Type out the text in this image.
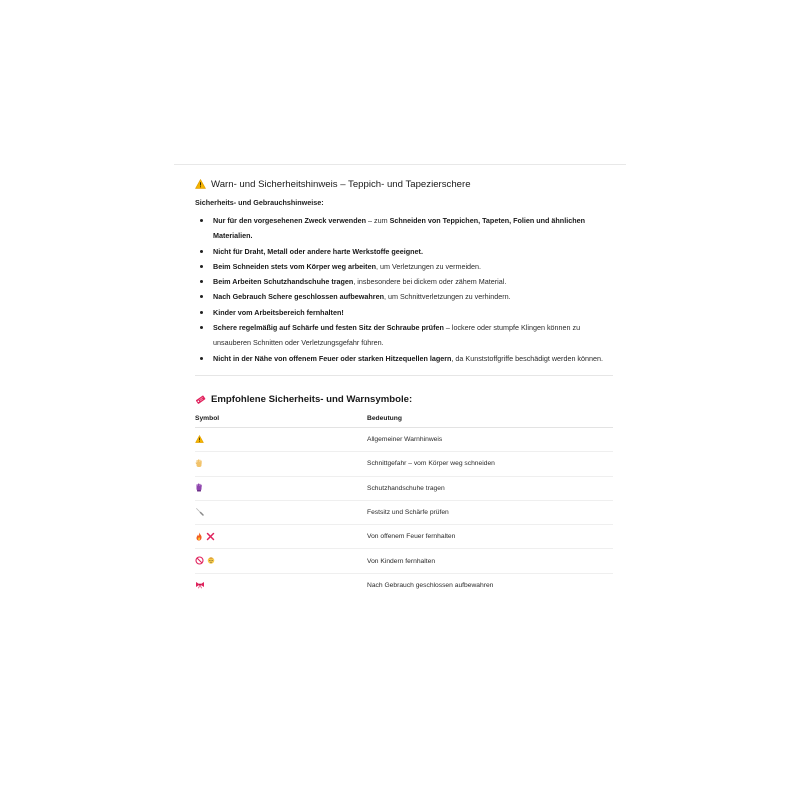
Warn- und Sicherheitshinweis – Teppich- und Tapezierschere
Sicherheits- und Gebrauchshinweise:
Nur für den vorgesehenen Zweck verwenden – zum Schneiden von Teppichen, Tapeten, Folien und ähnlichen Materialien.
Nicht für Draht, Metall oder andere harte Werkstoffe geeignet.
Beim Schneiden stets vom Körper weg arbeiten, um Verletzungen zu vermeiden.
Beim Arbeiten Schutzhandschuhe tragen, insbesondere bei dickem oder zähem Material.
Nach Gebrauch Schere geschlossen aufbewahren, um Schnittverletzungen zu verhindern.
Kinder vom Arbeitsbereich fernhalten!
Schere regelmäßig auf Schärfe und festen Sitz der Schraube prüfen – lockere oder stumpfe Klingen können zu unsauberen Schnitten oder Verletzungsgefahr führen.
Nicht in der Nähe von offenem Feuer oder starken Hitzequellen lagern, da Kunststoffgriffe beschädigt werden können.
Empfohlene Sicherheits- und Warnsymbole:
Symbol	Bedeutung

	Allgemeiner Warnhinweis

	Schnittgefahr – vom Körper weg schneiden

	Schutzhandschuhe tragen

	Festsitz und Schärfe prüfen

	Von offenem Feuer fernhalten

	Von Kindern fernhalten

	Nach Gebrauch geschlossen aufbewahren
